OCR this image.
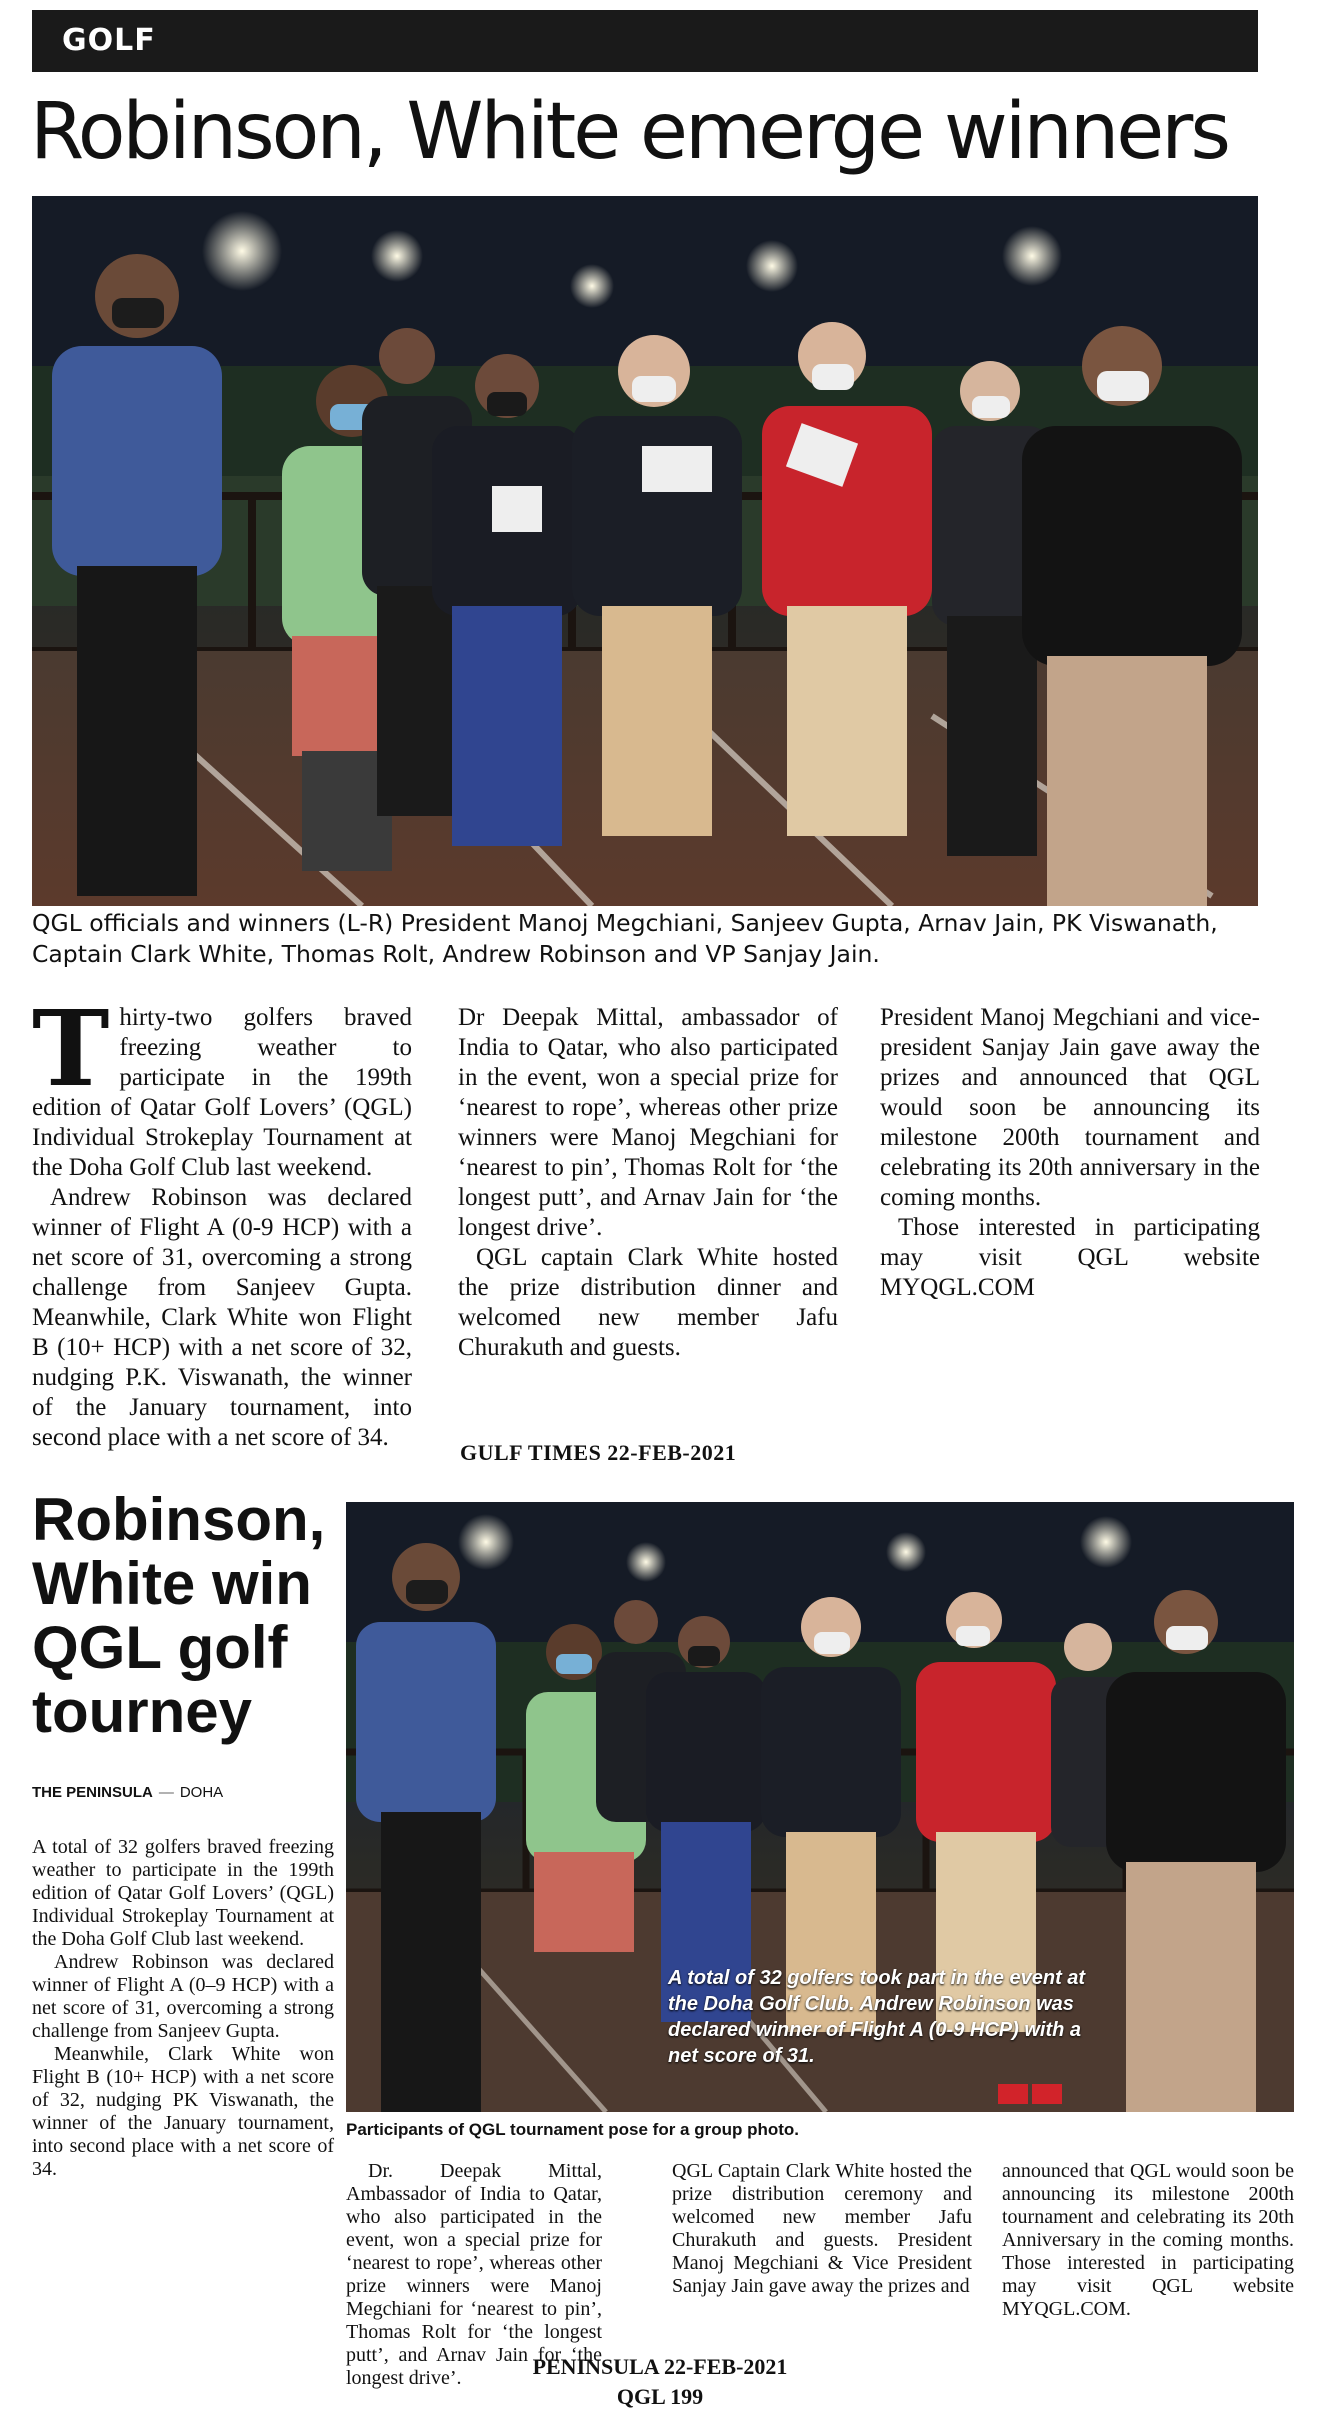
GOLF
Robinson, White emerge winners
QGL officials and winners (L-R) President Manoj Megchiani, Sanjeev Gupta, Arnav Jain, PK Viswanath, Captain Clark White, Thomas Rolt, Andrew Robinson and VP Sanjay Jain.

Thirty-two golfers braved freezing weather to participate in the 199th edition of Qatar Golf Lovers’ (QGL) Individual Strokeplay Tournament at the Doha Golf Club last weekend.

Andrew Robinson was declared winner of Flight A (0-9 HCP) with a net score of 31, overcoming a strong challenge from Sanjeev Gupta. Meanwhile, Clark White won Flight B (10+ HCP) with a net score of 32, nudging P.K. Viswanath, the winner of the January tournament, into second place with a net score of 34.

Dr Deepak Mittal, ambassador of India to Qatar, who also participated in the event, won a special prize for ‘nearest to rope’, whereas other prize winners were Manoj Megchiani for ‘nearest to pin’, Thomas Rolt for ‘the longest putt’, and Arnav Jain for ‘the longest drive’.

QGL captain Clark White hosted the prize distribution dinner and welcomed new member Jafu Churakuth and guests.

President Manoj Megchiani and vice-president Sanjay Jain gave away the prizes and announced that QGL would soon be announcing its milestone 200th tournament and celebrating its 20th anniversary in the coming months.

Those interested in participating may visit QGL website MYQGL.COM

GULF TIMES 22-FEB-2021
Robinson, White win QGL golf tourney
THE PENINSULA — DOHA
A total of 32 golfers took part in the event at the Doha Golf Club. Andrew Robinson was declared winner of Flight A (0-9 HCP) with a net score of 31.
Participants of QGL tournament pose for a group photo.

A total of 32 golfers braved freezing weather to participate in the 199th edition of Qatar Golf Lovers’ (QGL) Individual Strokeplay Tournament at the Doha Golf Club last weekend.

Andrew Robinson was declared winner of Flight A (0–9 HCP) with a net score of 31, overcoming a strong challenge from Sanjeev Gupta.

Meanwhile, Clark White won Flight B (10+ HCP) with a net score of 32, nudging PK Viswanath, the winner of the January tournament, into second place with a net score of 34.	Dr. Deepak Mittal, Ambassador of India to Qatar, who also participated in the event, won a special prize for ‘nearest to rope’, whereas other prize winners were Manoj Megchiani for ‘nearest to pin’, Thomas Rolt for ‘the longest putt’, and Arnav Jain for ‘the longest drive’.

QGL Captain Clark White hosted the prize distribution ceremony and welcomed new member Jafu Churakuth and guests. President Manoj Megchiani & Vice President Sanjay Jain gave away the prizes and

PENINSULA 22-FEB-2021
QGL 199

announced that QGL would soon be announcing its milestone 200th tournament and celebrating its 20th Anniversary in the coming months. Those interested in participating may visit QGL website MYQGL.COM.
